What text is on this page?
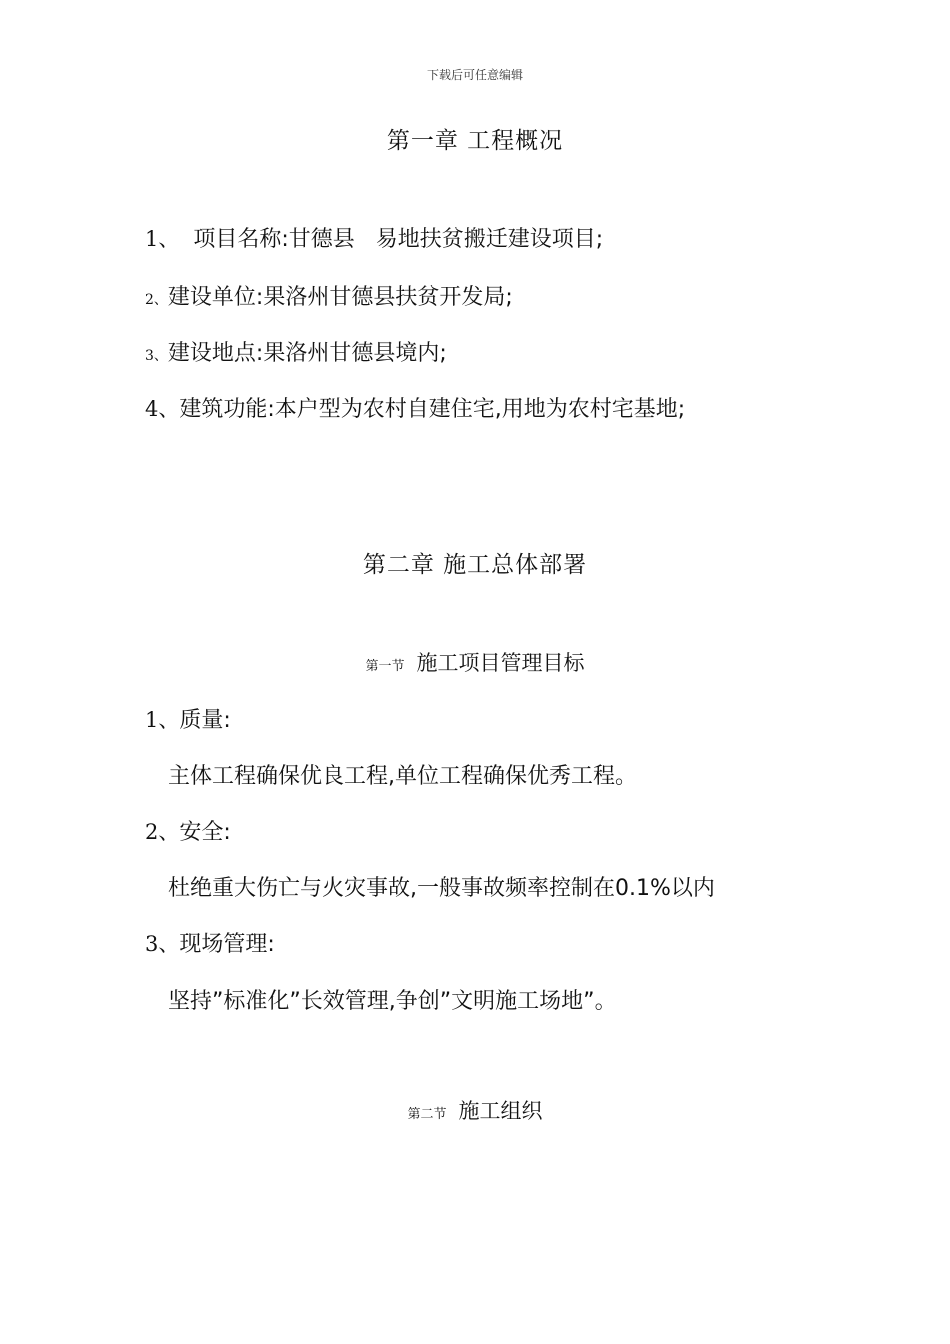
下载后可任意编辑
第一章 工程概况
1、  项目名称:甘德县   易地扶贫搬迁建设项目;
2、建设单位:果洛州甘德县扶贫开发局;
3、建设地点:果洛州甘德县境内;
4、建筑功能:本户型为农村自建住宅,用地为农村宅基地;
第二章 施工总体部署
第一节 施工项目管理目标
1、质量:
主体工程确保优良工程,单位工程确保优秀工程。
2、安全:
杜绝重大伤亡与火灾事故,一般事故频率控制在0.1%以内
3、现场管理:
坚持”标准化”长效管理,争创”文明施工场地”。
第二节 施工组织
